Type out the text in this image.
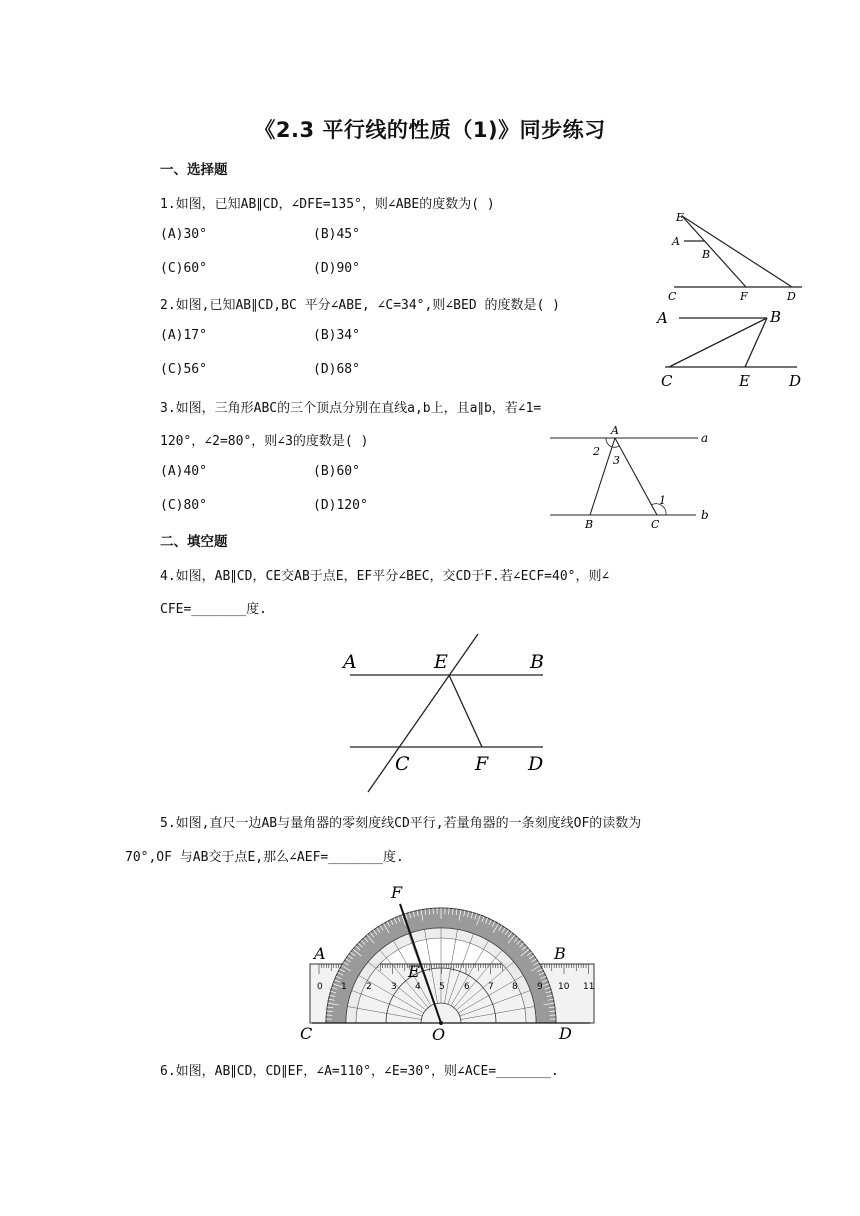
《2.3 平行线的性质（1)》同步练习
一、选择题
1.如图，已知AB∥CD，∠DFE=135°，则∠ABE的度数为( )
(A)30°	(B)45°
(C)60°	(D)90°
E
A
B
C	F	D
2.如图,已知AB∥CD,BC 平分∠ABE, ∠C=34°,则∠BED 的度数是( )
(A)17°	(B)34°
(C)56°	(D)68°
A	B
C	E	D
3.如图，三角形ABC的三个顶点分别在直线a,b上，且a∥b，若∠1=
120°，∠2=80°，则∠3的度数是( )
(A)40°	(B)60°
(C)80°	(D)120°
A
a
2
3
1
B	C
b
二、填空题
4.如图，AB∥CD，CE交AB于点E，EF平分∠BEC，交CD于F.若∠ECF=40°，则∠
CFE=_______度.
A	E	B
C	F D
5.如图,直尺一边AB与量角器的零刻度线CD平行,若量角器的一条刻度线OF的读数为
70°,OF 与AB交于点E,那么∠AEF=_______度.
0 1 2 3 4 5 6 7 8 9 10 11
F
A	B
E
C	O	D
6.如图，AB∥CD，CD∥EF，∠A=110°，∠E=30°，则∠ACE=_______.
